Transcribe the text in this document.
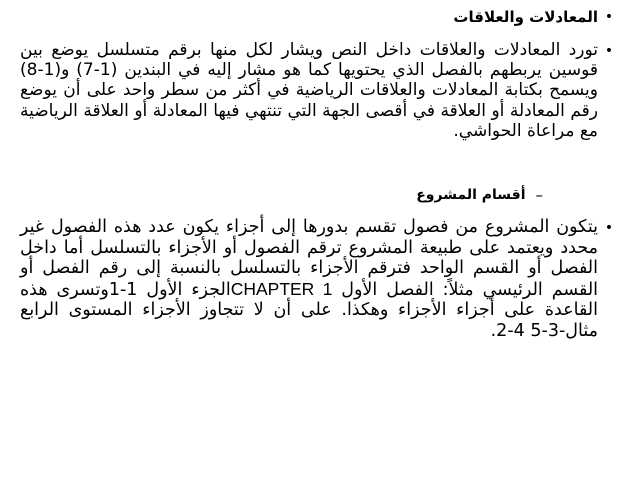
•
المعادلات والعلاقات
•
تورد المعادلات والعلاقات داخل النص ويشار لكل منها برقم متسلسل يوضع بين قوسين يربطهم بالفصل الذي يحتويها كما هو مشار إليه في البندين (1-7) و(1-8) ويسمح بكتابة المعادلات والعلاقات الرياضية في أكثر من سطر واحد على أن يوضع رقم المعادلة أو العلاقة في أقصى الجهة التي تنتهي فيها المعادلة أو العلاقة الرياضية مع مراعاة الحواشي.
–
أقسام المشروع
•
يتكون المشروع من فصول تقسم بدورها إلى أجزاء يكون عدد هذه الفصول غير محدد ويعتمد على طبيعة المشروع ترقم الفصول أو الأجزاء بالتسلسل أما داخل الفصل أو القسم الواحد فترقم الأجزاء بالتسلسل بالنسبة إلى رقم الفصل أو القسم الرئيسي مثلاً: الفصل الأول CHAPTER 1الجزء الأول 1-1وتسرى هذه القاعدة على أجزاء الأجزاء وهكذا. على أن لا تتجاوز الأجزاء المستوى الرابع مثال-3-5 4-2.
